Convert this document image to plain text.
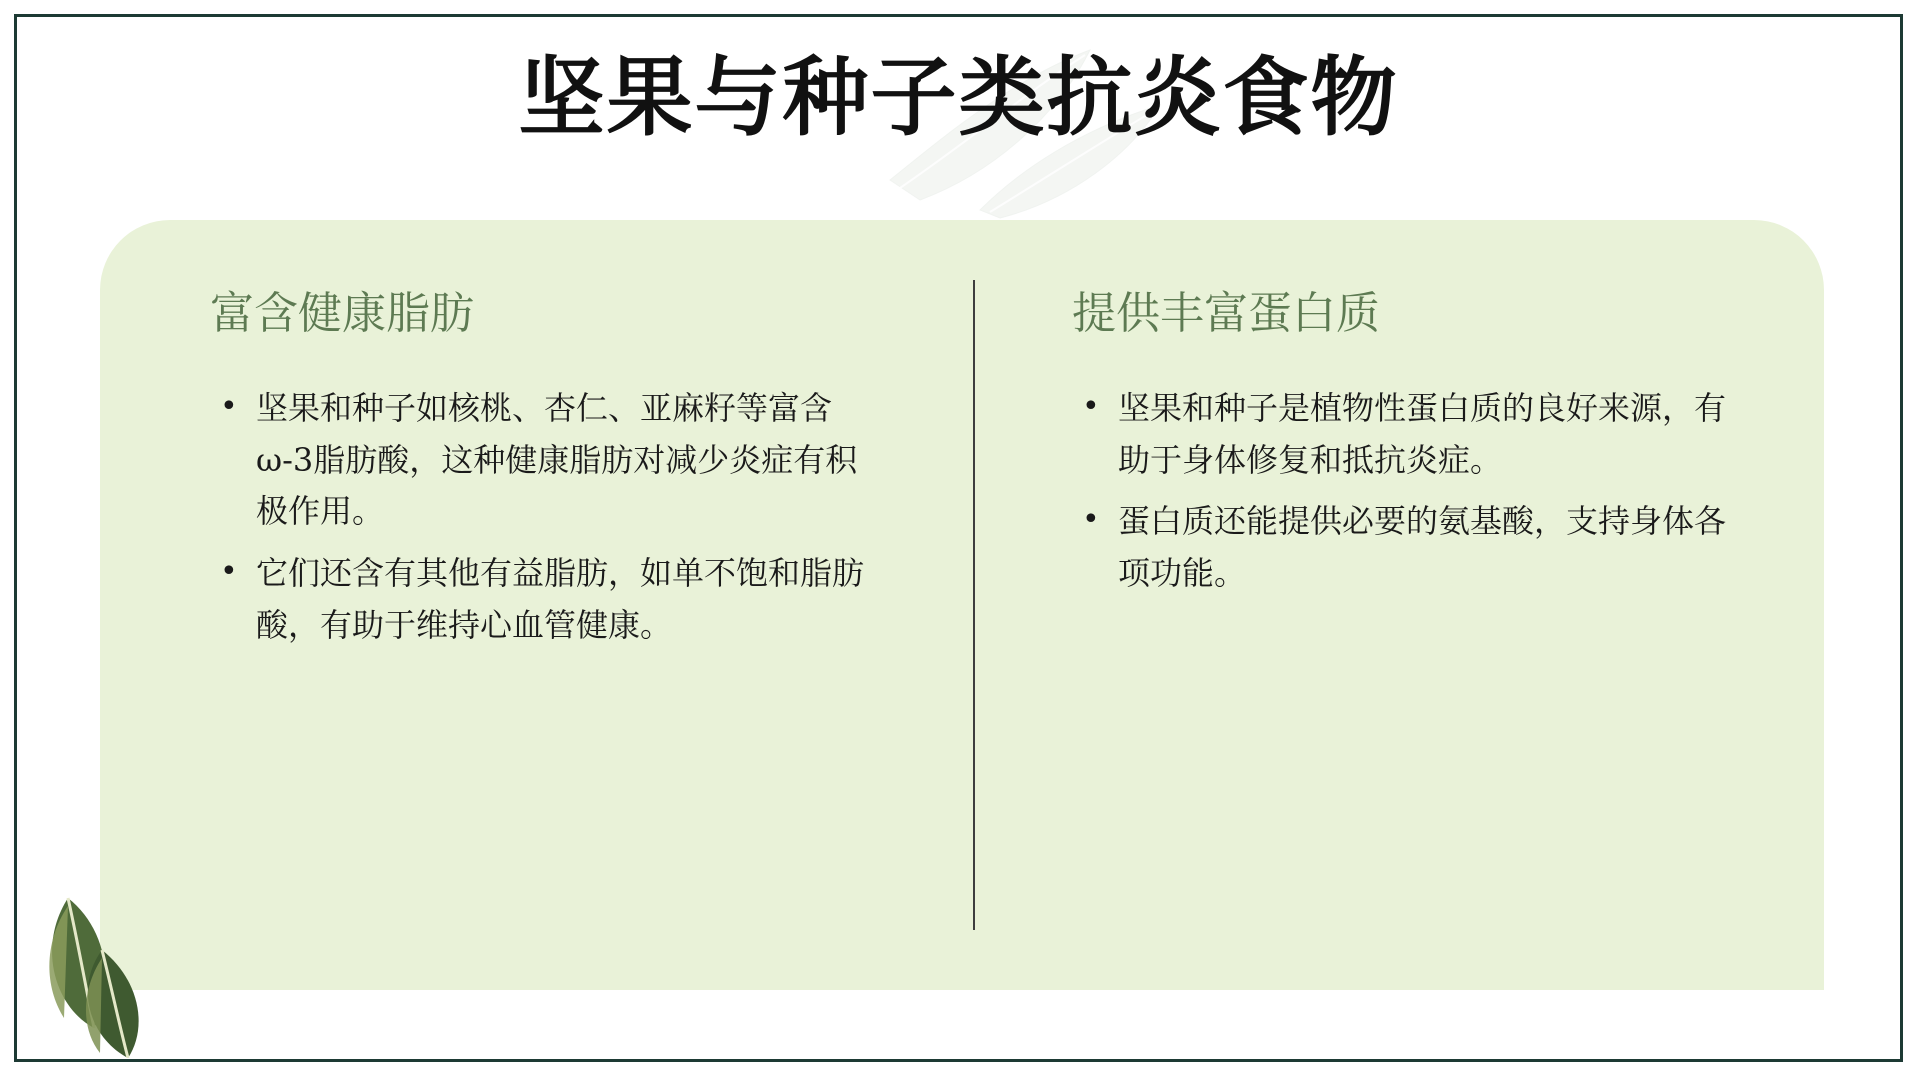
坚果与种子类抗炎食物
富含健康脂肪
• 坚果和种子如核桃、杏仁、亚麻籽等富含ω-3脂肪酸，这种健康脂肪对减少炎症有积极作用。
• 它们还含有其他有益脂肪，如单不饱和脂肪酸，有助于维持心血管健康。
提供丰富蛋白质
• 坚果和种子是植物性蛋白质的良好来源，有助于身体修复和抵抗炎症。
• 蛋白质还能提供必要的氨基酸，支持身体各项功能。
